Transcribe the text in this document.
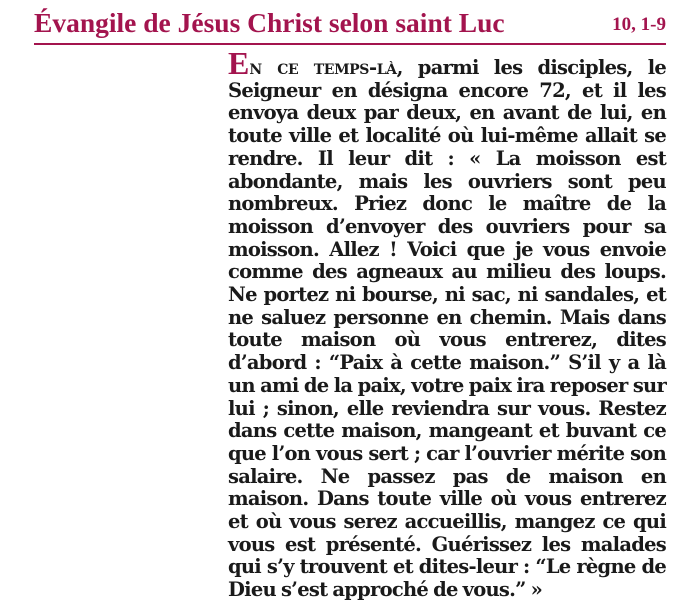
Évangile de Jésus Christ selon saint Luc	10, 1-9

En ce temps-là, parmi les disciples, le Seigneur en désigna encore 72, et il les envoya deux par deux, en avant de lui, en toute ville et localité où lui-même allait se rendre. Il leur dit : « La moisson est abondante, mais les ouvriers sont peu nombreux. Priez donc le maître de la moisson d’envoyer des ouvriers pour sa moisson. Allez ! Voici que je vous envoie comme des agneaux au milieu des loups. Ne portez ni bourse, ni sac, ni sandales, et ne saluez personne en chemin. Mais dans toute maison où vous entrerez, dites d’abord : “Paix à cette maison.” S’il y a là un ami de la paix, votre paix ira reposer sur lui ; sinon, elle reviendra sur vous. Restez dans cette maison, mangeant et buvant ce que l’on vous sert ; car l’ouvrier mérite son salaire. Ne passez pas de maison en maison. Dans toute ville où vous entrerez et où vous serez accueillis, mangez ce qui vous est présenté. Guérissez les malades qui s’y trouvent et dites-leur : “Le règne de Dieu s’est approché de vous.” »
